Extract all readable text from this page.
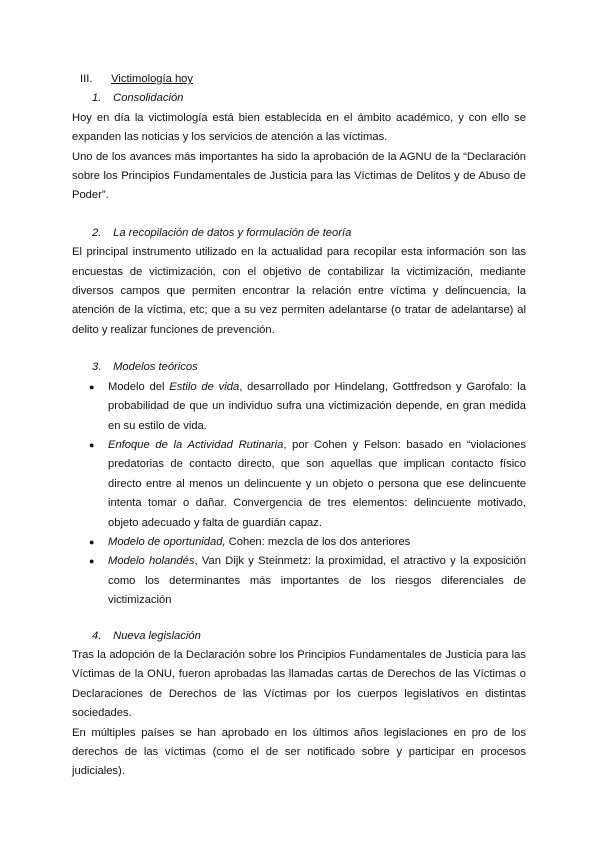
III. Victimología hoy
1. Consolidación

Hoy en día la victimología está bien establecida en el ámbito académico, y con ello se expanden las noticias y los servicios de atención a las víctimas.

Uno de los avances más importantes ha sido la aprobación de la AGNU de la “Declaración sobre los Principios Fundamentales de Justicia para las Víctimas de Delitos y de Abuso de Poder”.

2. La recopilación de datos y formulación de teoría

El principal instrumento utilizado en la actualidad para recopilar esta información son las encuestas de victimización, con el objetivo de contabilizar la victimización, mediante diversos campos que permiten encontrar la relación entre víctima y delincuencia, la atención de la víctima, etc; que a su vez permiten adelantarse (o tratar de adelantarse) al delito y realizar funciones de prevención.

3. Modelos teóricos
● Modelo del Estilo de vida, desarrollado por Hindelang, Gottfredson y Garofalo: la probabilidad de que un individuo sufra una victimización depende, en gran medida en su estilo de vida.
● Enfoque de la Actividad Rutinaria, por Cohen y Felson: basado en “violaciones predatorias de contacto directo, que son aquellas que implican contacto físico directo entre al menos un delincuente y un objeto o persona que ese delincuente intenta tomar o dañar. Convergencia de tres elementos: delincuente motivado, objeto adecuado y falta de guardián capaz.
● Modelo de oportunidad, Cohen: mezcla de los dos anteriores
● Modelo holandés, Van Dijk y Steinmetz: la proximidad, el atractivo y la exposición como los determinantes más importantes de los riesgos diferenciales de victimización
4. Nueva legislación

Tras la adopción de la Declaración sobre los Principios Fundamentales de Justicia para las Víctimas de la ONU, fueron aprobadas las llamadas cartas de Derechos de las Víctimas o Declaraciones de Derechos de las Víctimas por los cuerpos legislativos en distintas sociedades.

En múltiples países se han aprobado en los últimos años legislaciones en pro de los derechos de las víctimas (como el de ser notificado sobre y participar en procesos judiciales).
